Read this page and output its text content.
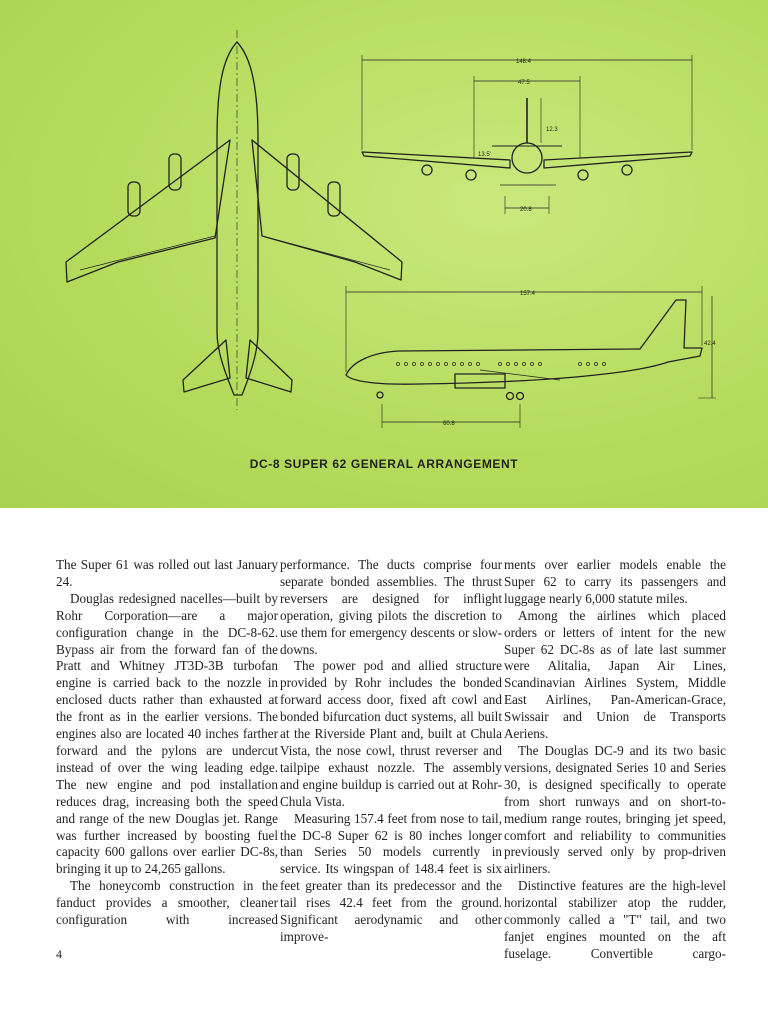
148.4
47.5
12.3
13.5'
20.8
157.4
42.4
60.8
DC-8 SUPER 62 GENERAL ARRANGEMENT

The Super 61 was rolled out last January 24.

Douglas redesigned nacelles—built by Rohr Corporation—are a major configuration change in the DC-8-62. Bypass air from the forward fan of the Pratt and Whitney JT3D-3B turbofan engine is carried back to the nozzle in enclosed ducts rather than exhausted at the front as in the earlier versions. The engines also are located 40 inches farther forward and the pylons are undercut instead of over the wing leading edge. The new engine and pod installation reduces drag, increasing both the speed and range of the new Douglas jet. Range was further increased by boosting fuel capacity 600 gallons over earlier DC-8s, bringing it up to 24,265 gallons.

The honeycomb construction in the fanduct provides a smoother, cleaner configuration with increased

performance. The ducts comprise four separate bonded assemblies. The thrust reversers are designed for inflight operation, giving pilots the discretion to use them for emergency descents or slow-downs.

The power pod and allied structure provided by Rohr includes the bonded forward access door, fixed aft cowl and bonded bifurcation duct systems, all built at the Riverside Plant and, built at Chula Vista, the nose cowl, thrust reverser and tailpipe exhaust nozzle. The assembly and engine buildup is carried out at Rohr-Chula Vista.

Measuring 157.4 feet from nose to tail, the DC-8 Super 62 is 80 inches longer than Series 50 models currently in service. Its wingspan of 148.4 feet is six feet greater than its predecessor and the tail rises 42.4 feet from the ground. Significant aerodynamic and other improve-

ments over earlier models enable the Super 62 to carry its passengers and luggage nearly 6,000 statute miles.

Among the airlines which placed orders or letters of intent for the new Super 62 DC-8s as of late last summer were Alitalia, Japan Air Lines, Scandinavian Airlines System, Middle East Airlines, Pan-American-Grace, Swissair and Union de Transports Aeriens.

The Douglas DC-9 and its two basic versions, designated Series 10 and Series 30, is designed specifically to operate from short runways and on short-to-medium range routes, bringing jet speed, comfort and reliability to communities previously served only by prop-driven airliners.

Distinctive features are the high-level horizontal stabilizer atop the rudder, commonly called a "T" tail, and two fanjet engines mounted on the aft fuselage. Convertible cargo-

4
